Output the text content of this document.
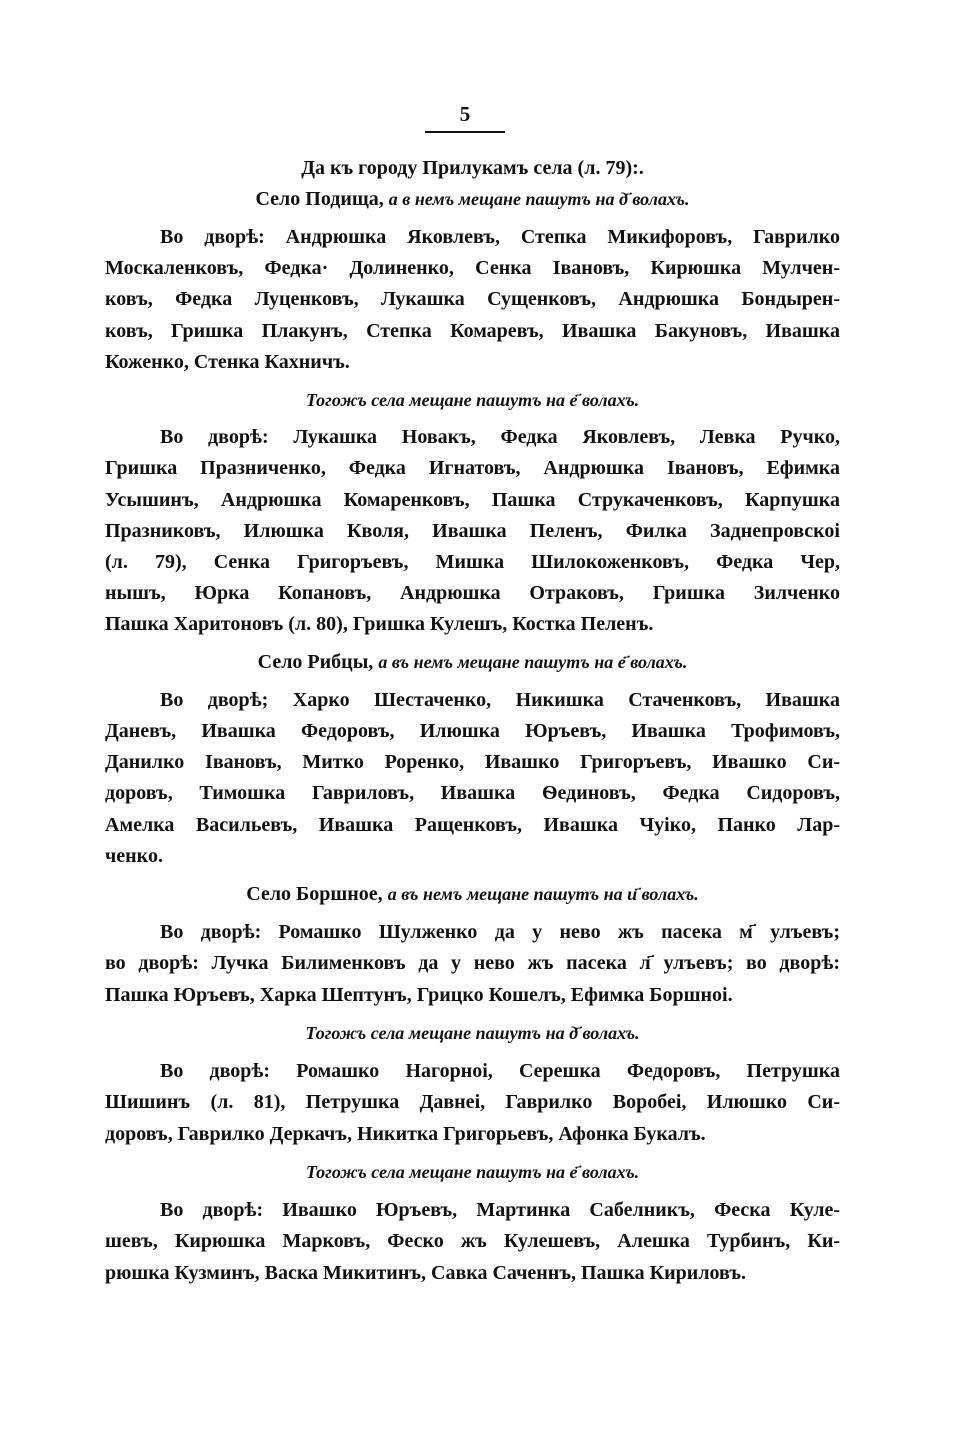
5
Да къ городу Прилукамъ села (л. 79):.
Село Подища, а в немъ мещане пашутъ на д҃ волахъ.
Во дворѣ: Андрюшка Яковлевъ, Степка Микифоровъ, Гаврилко
Москаленковъ, Федка· Долиненко, Сенка Івановъ, Кирюшка Мулчен-
ковъ, Федка Луценковъ, Лукашка Сущенковъ, Андрюшка Бондырен-
ковъ, Гришка Плакунъ, Степка Комаревъ, Ивашка Бакуновъ, Ивашка
Коженко, Стенка Кахничъ.
Тогожъ села мещане пашутъ на е҃ волахъ.
Во дворѣ: Лукашка Новакъ, Федка Яковлевъ, Левка Ручко,
Гришка Празниченко, Федка Игнатовъ, Андрюшка Івановъ, Ефимка
Усышинъ, Андрюшка Комаренковъ, Пашка Струкаченковъ, Карпушка
Празниковъ, Илюшка Кволя, Ивашка Пеленъ, Филка Заднепровскоі
(л. 79), Сенка Григоръевъ, Мишка Шилокоженковъ, Федка Чер,
нышъ, Юрка Копановъ, Андрюшка Отраковъ, Гришка Зилченко
Пашка Харитоновъ (л. 80), Гришка Кулешъ, Костка Пеленъ.
Село Рибцы, а въ немъ мещане пашутъ на е҃ волахъ.
Во дворѣ; Харко Шестаченко, Никишка Стаченковъ, Ивашка
Даневъ, Ивашка Федоровъ, Илюшка Юръевъ, Ивашка Трофимовъ,
Данилко Івановъ, Митко Роренко, Ивашко Григоръевъ, Ивашко Си-
доровъ, Тимошка Гавриловъ, Ивашка Ѳединовъ, Федка Сидоровъ,
Амелка Васильевъ, Ивашка Ращенковъ, Ивашка Чуіко, Панко Лар-
ченко.
Село Боршное, а въ немъ мещане пашутъ на и҃ волахъ.
Во дворѣ: Ромашко Шулженко да у нево жъ пасека м҃ улъевъ;
во дворѣ: Лучка Билименковъ да у нево жъ пасека л҃ улъевъ; во дворѣ:
Пашка Юръевъ, Харка Шептунъ, Грицко Кошелъ, Ефимка Боршноі.
Тогожъ села мещане пашутъ на д҃ волахъ.
Во дворѣ: Ромашко Нагорноі, Серешка Федоровъ, Петрушка
Шишинъ (л. 81), Петрушка Давнеі, Гаврилко Воробеі, Илюшко Си-
доровъ, Гаврилко Деркачъ, Никитка Григорьевъ, Афонка Букалъ.
Тогожъ села мещане пашутъ на е҃ волахъ.
Во дворѣ: Ивашко Юръевъ, Мартинка Сабелникъ, Феска Куле-
шевъ, Кирюшка Марковъ, Феско жъ Кулешевъ, Алешка Турбинъ, Ки-
рюшка Кузминъ, Васка Микитинъ, Савка Саченнъ, Пашка Кириловъ.
